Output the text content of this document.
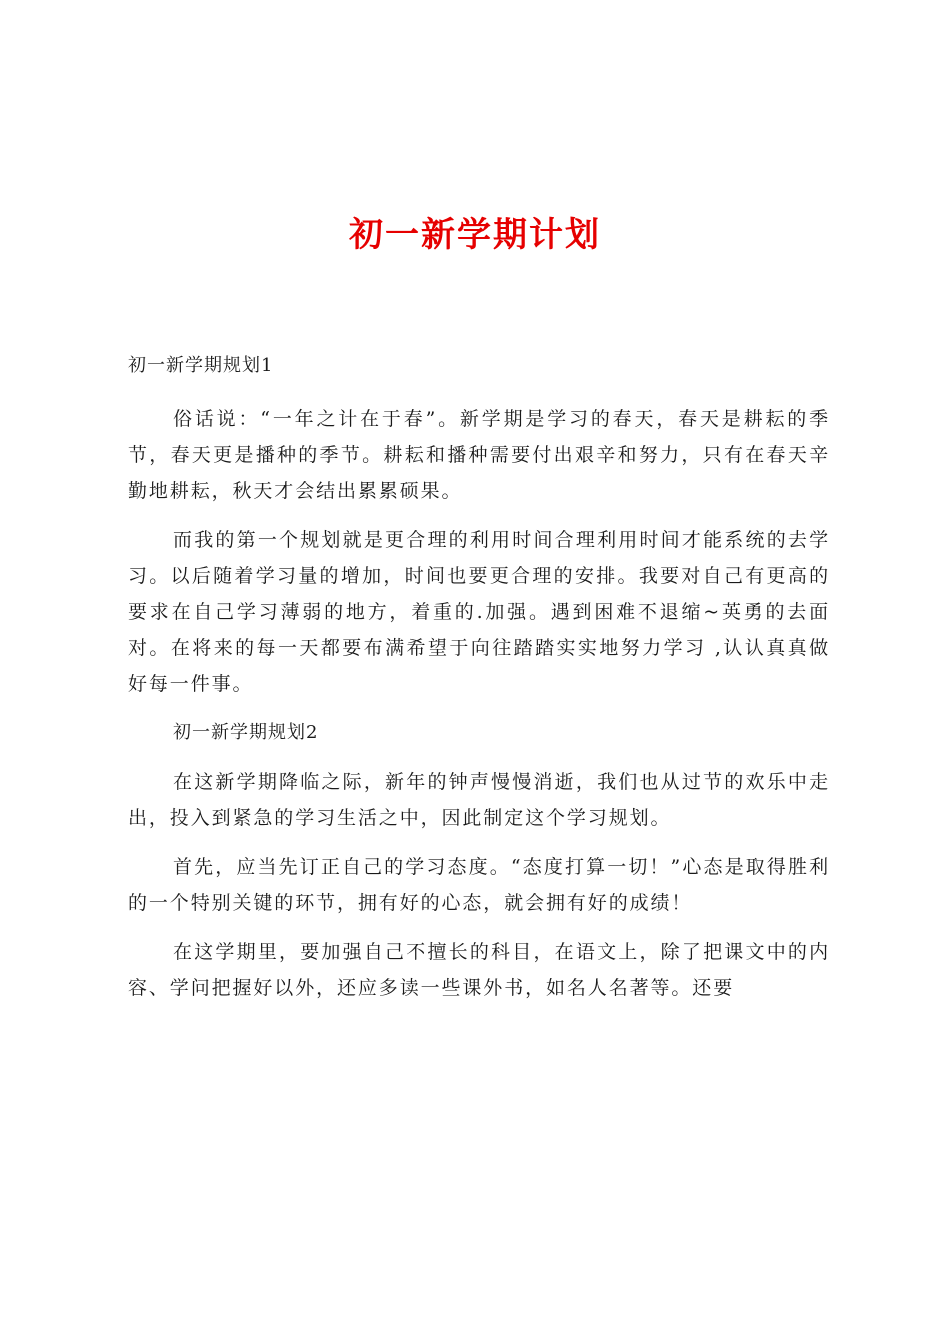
初一新学期计划
初一新学期规划1

俗话说：“一年之计在于春”。新学期是学习的春天，春天是耕耘的季节，春天更是播种的季节。耕耘和播种需要付出艰辛和努力，只有在春天辛勤地耕耘，秋天才会结出累累硕果。

而我的第一个规划就是更合理的利用时间合理利用时间才能系统的去学习。以后随着学习量的增加，时间也要更合理的安排。我要对自己有更高的要求在自己学习薄弱的地方，着重的.加强。遇到困难不退缩~英勇的去面对。在将来的每一天都要布满希望于向往踏踏实实地努力学习 ,认认真真做好每一件事。

初一新学期规划2

在这新学期降临之际，新年的钟声慢慢消逝，我们也从过节的欢乐中走出，投入到紧急的学习生活之中，因此制定这个学习规划。

首先，应当先订正自己的学习态度。“态度打算一切！”心态是取得胜利的一个特别关键的环节，拥有好的心态，就会拥有好的成绩！

在这学期里，要加强自己不擅长的科目，在语文上，除了把课文中的内容、学问把握好以外，还应多读一些课外书，如名人名著等。还要
